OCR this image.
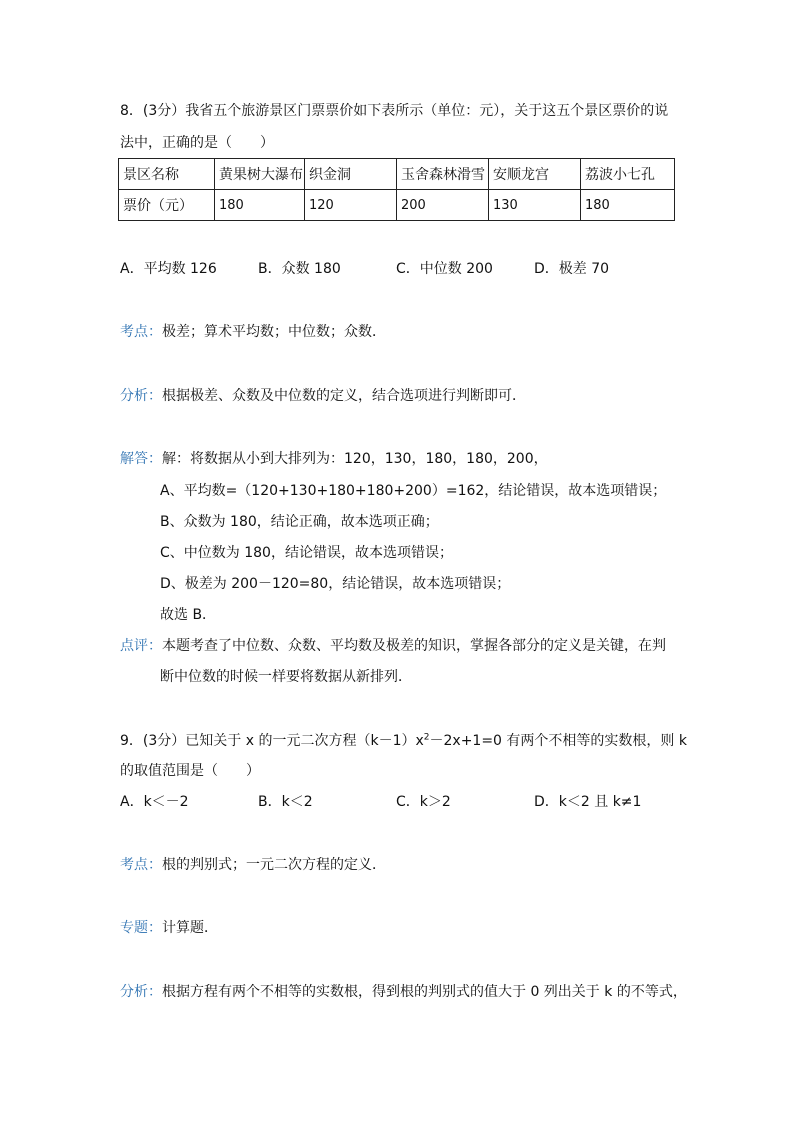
8．(3分）我省五个旅游景区门票票价如下表所示（单位：元），关于这五个景区票价的说
法中，正确的是（　　）
景区名称	黄果树大瀑布	织金洞	玉舍森林滑雪	安顺龙宫	荔波小七孔
票价（元）	180	120	200	130	180
A．平均数 126	B．众数 180	C．中位数 200	D．极差 70
考点：极差；算术平均数；中位数；众数．
分析：根据极差、众数及中位数的定义，结合选项进行判断即可．
解答：解：将数据从小到大排列为：120，130，180，180，200，
A、平均数=（120+130+180+180+200）=162，结论错误，故本选项错误；
B、众数为 180，结论正确，故本选项正确；
C、中位数为 180，结论错误，故本选项错误；
D、极差为 200－120=80，结论错误，故本选项错误；
故选 B．
点评：本题考查了中位数、众数、平均数及极差的知识，掌握各部分的定义是关键，在判
断中位数的时候一样要将数据从新排列．
9．(3分）已知关于 x 的一元二次方程$(k-1)x^2-2x+1=0$ 有两个不相等的实数根，则 k
的取值范围是（　　）
A．k＜－2	B．k＜2	C．k＞2	D．k＜2 且 k≠1
考点：根的判别式；一元二次方程的定义．
专题：计算题．
分析：根据方程有两个不相等的实数根，得到根的判别式的值大于 0 列出关于 k 的不等式，
